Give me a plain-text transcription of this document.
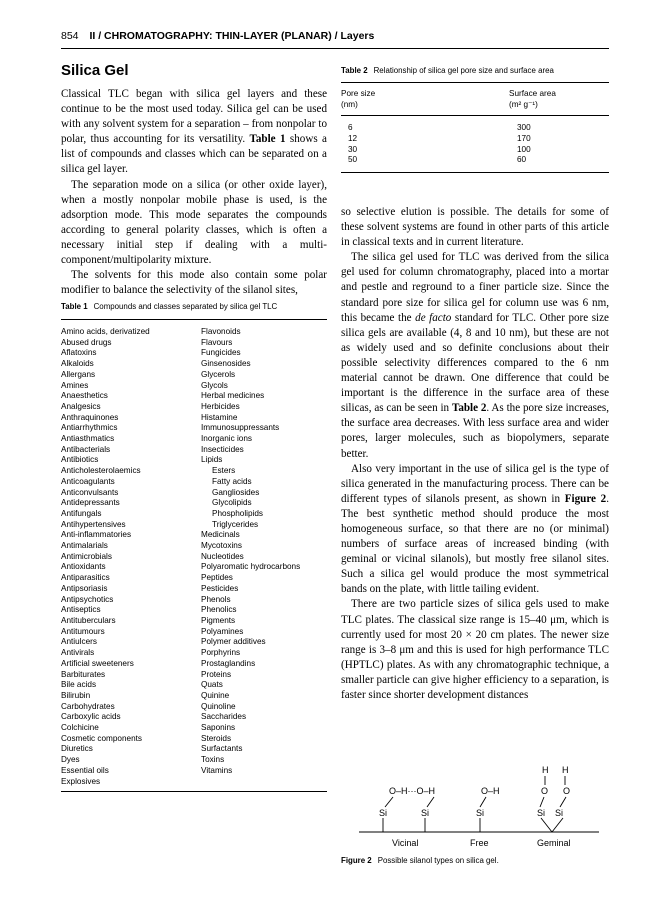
854 II / CHROMATOGRAPHY: THIN-LAYER (PLANAR) / Layers
Silica Gel

Classical TLC began with silica gel layers and these continue to be the most used today. Silica gel can be used with any solvent system for a separation – from nonpolar to polar, thus accounting for its versatility. Table 1 shows a list of compounds and classes which can be separated on a silica gel layer.

The separation mode on a silica (or other oxide layer), when a mostly nonpolar mobile phase is used, is the adsorption mode. This mode separates the compounds according to general polarity classes, which is often a necessary initial step if dealing with a multi-component/multipolarity mixture.

The solvents for this mode also contain some polar modifier to balance the selectivity of the silanol sites,

Table 1 Compounds and classes separated by silica gel TLC
Amino acids, derivatized
Abused drugs
Aflatoxins
Alkaloids
Allergans
Amines
Anaesthetics
Analgesics
Anthraquinones
Antiarrhythmics
Antiasthmatics
Antibacterials
Antibiotics
Anticholesterolaemics
Anticoagulants
Anticonvulsants
Antidepressants
Antifungals
Antihypertensives
Anti-inflammatories
Antimalarials
Antimicrobials
Antioxidants
Antiparasitics
Antipsoriasis
Antipsychotics
Antiseptics
Antituberculars
Antitumours
Antiulcers
Antivirals
Artificial sweeteners
Barbiturates
Bile acids
Bilirubin
Carbohydrates
Carboxylic acids
Colchicine
Cosmetic components
Diuretics
Dyes
Essential oils
Explosives
Flavonoids
Flavours
Fungicides
Ginsenosides
Glycerols
Glycols
Herbal medicines
Herbicides
Histamine
Immunosuppressants
Inorganic ions
Insecticides
Lipids
Esters
Fatty acids
Gangliosides
Glycolipids
Phospholipids
Triglycerides
Medicinals
Mycotoxins
Nucleotides
Polyaromatic hydrocarbons
Peptides
Pesticides
Phenols
Phenolics
Pigments
Polyamines
Polymer additives
Porphyrins
Prostaglandins
Proteins
Quats
Quinine
Quinoline
Saccharides
Saponins
Steroids
Surfactants
Toxins
Vitamins
Table 2 Relationship of silica gel pore size and surface area
Pore size
(nm)
Surface area
(m² g⁻¹)
6	300
12	170
30	100
50	60

so selective elution is possible. The details for some of these solvent systems are found in other parts of this article in classical texts and in current literature.

The silica gel used for TLC was derived from the silica gel used for column chromatography, placed into a mortar and pestle and reground to a finer particle size. Since the standard pore size for silica gel for column use was 6 nm, this became the de facto standard for TLC. Other pore size silica gels are available (4, 8 and 10 nm), but these are not as widely used and so definite conclusions about their possible selectivity differences compared to the 6 nm material cannot be drawn. One difference that could be important is the difference in the surface area of these silicas, as can be seen in Table 2. As the pore size increases, the surface area decreases. With less surface area and wider pores, larger molecules, such as biopolymers, separate better.

Also very important in the use of silica gel is the type of silica generated in the manufacturing process. There can be different types of silanols present, as shown in Figure 2. The best synthetic method should produce the most homogeneous surface, so that there are no (or minimal) numbers of surface areas of increased binding (with geminal or vicinal silanols), but mostly free silanol sites. Such a silica gel would produce the most symmetrical bands on the plate, with little tailing evident.

There are two particle sizes of silica gels used to make TLC plates. The classical size range is 15–40 μm, which is currently used for most 20 × 20 cm plates. The newer size range is 3–8 μm and this is used for high performance TLC (HPTLC) plates. As with any chromatographic technique, a smaller particle can give higher efficiency to a separation, is faster since shorter development distances

O–H···O–H
Si	Si
O–H
Si
H H
O O
Si Si
Vicinal	Free	Geminal
Figure 2 Possible silanol types on silica gel.
